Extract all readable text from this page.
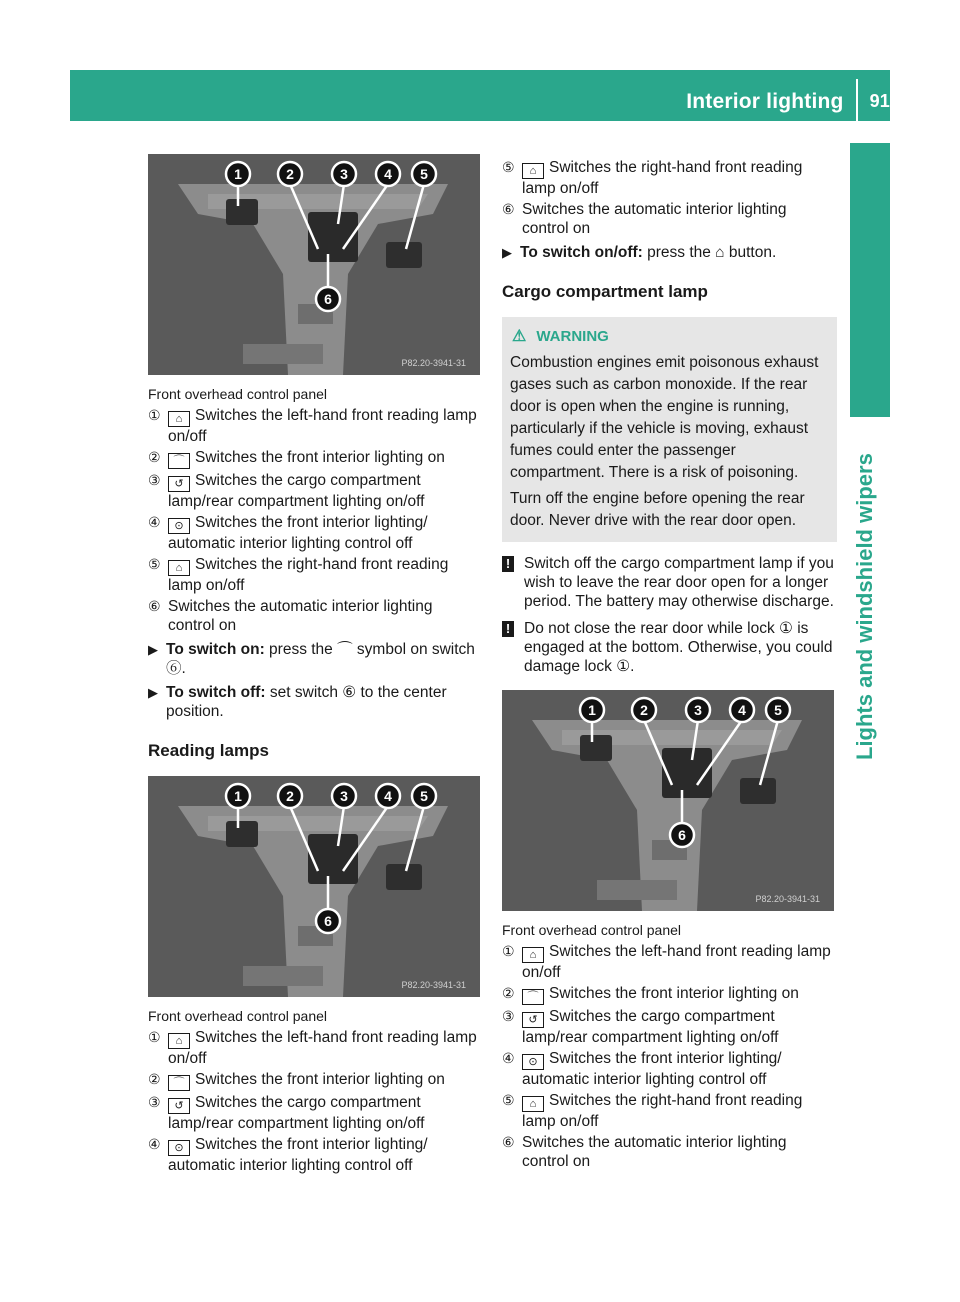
Interior lighting 91
Lights and windshield wipers
1	2	3	4 5
6
P82.20-3941-31
Front overhead control panel
①	⌂ Switches the left-hand front reading lamp on/off
②	⌒ Switches the front interior lighting on
③	↺ Switches the cargo compartment lamp/rear compartment lighting on/off
④	⊙ Switches the front interior lighting/ automatic interior lighting control off
⑤	⌂ Switches the right-hand front reading lamp on/off
⑥ Switches the automatic interior lighting control on
▶ To switch on: press the ⌒ symbol on switch ⑥.
▶ To switch off: set switch ⑥ to the center position.
Reading lamps
1	2	3	4 5
6
P82.20-3941-31
Front overhead control panel
①	⌂ Switches the left-hand front reading lamp on/off
②	⌒ Switches the front interior lighting on
③	↺ Switches the cargo compartment lamp/rear compartment lighting on/off
④	⊙ Switches the front interior lighting/ automatic interior lighting control off
⑤	⌂ Switches the right-hand front reading lamp on/off
⑥ Switches the automatic interior lighting control on
▶ To switch on/off: press the ⌂ button.
Cargo compartment lamp
⚠ WARNING

Combustion engines emit poisonous exhaust gases such as carbon monoxide. If the rear door is open when the engine is running, particularly if the vehicle is moving, exhaust fumes could enter the passenger compartment. There is a risk of poisoning.

Turn off the engine before opening the rear door. Never drive with the rear door open.

! Switch off the cargo compartment lamp if you wish to leave the rear door open for a longer period. The battery may otherwise discharge.
! Do not close the rear door while lock ① is engaged at the bottom. Otherwise, you could damage lock ①.
1	2	3	4 5
6
P82.20-3941-31
Front overhead control panel
①	⌂ Switches the left-hand front reading lamp on/off
②	⌒ Switches the front interior lighting on
③	↺ Switches the cargo compartment lamp/rear compartment lighting on/off
④	⊙ Switches the front interior lighting/ automatic interior lighting control off
⑤	⌂ Switches the right-hand front reading lamp on/off
⑥ Switches the automatic interior lighting control on
